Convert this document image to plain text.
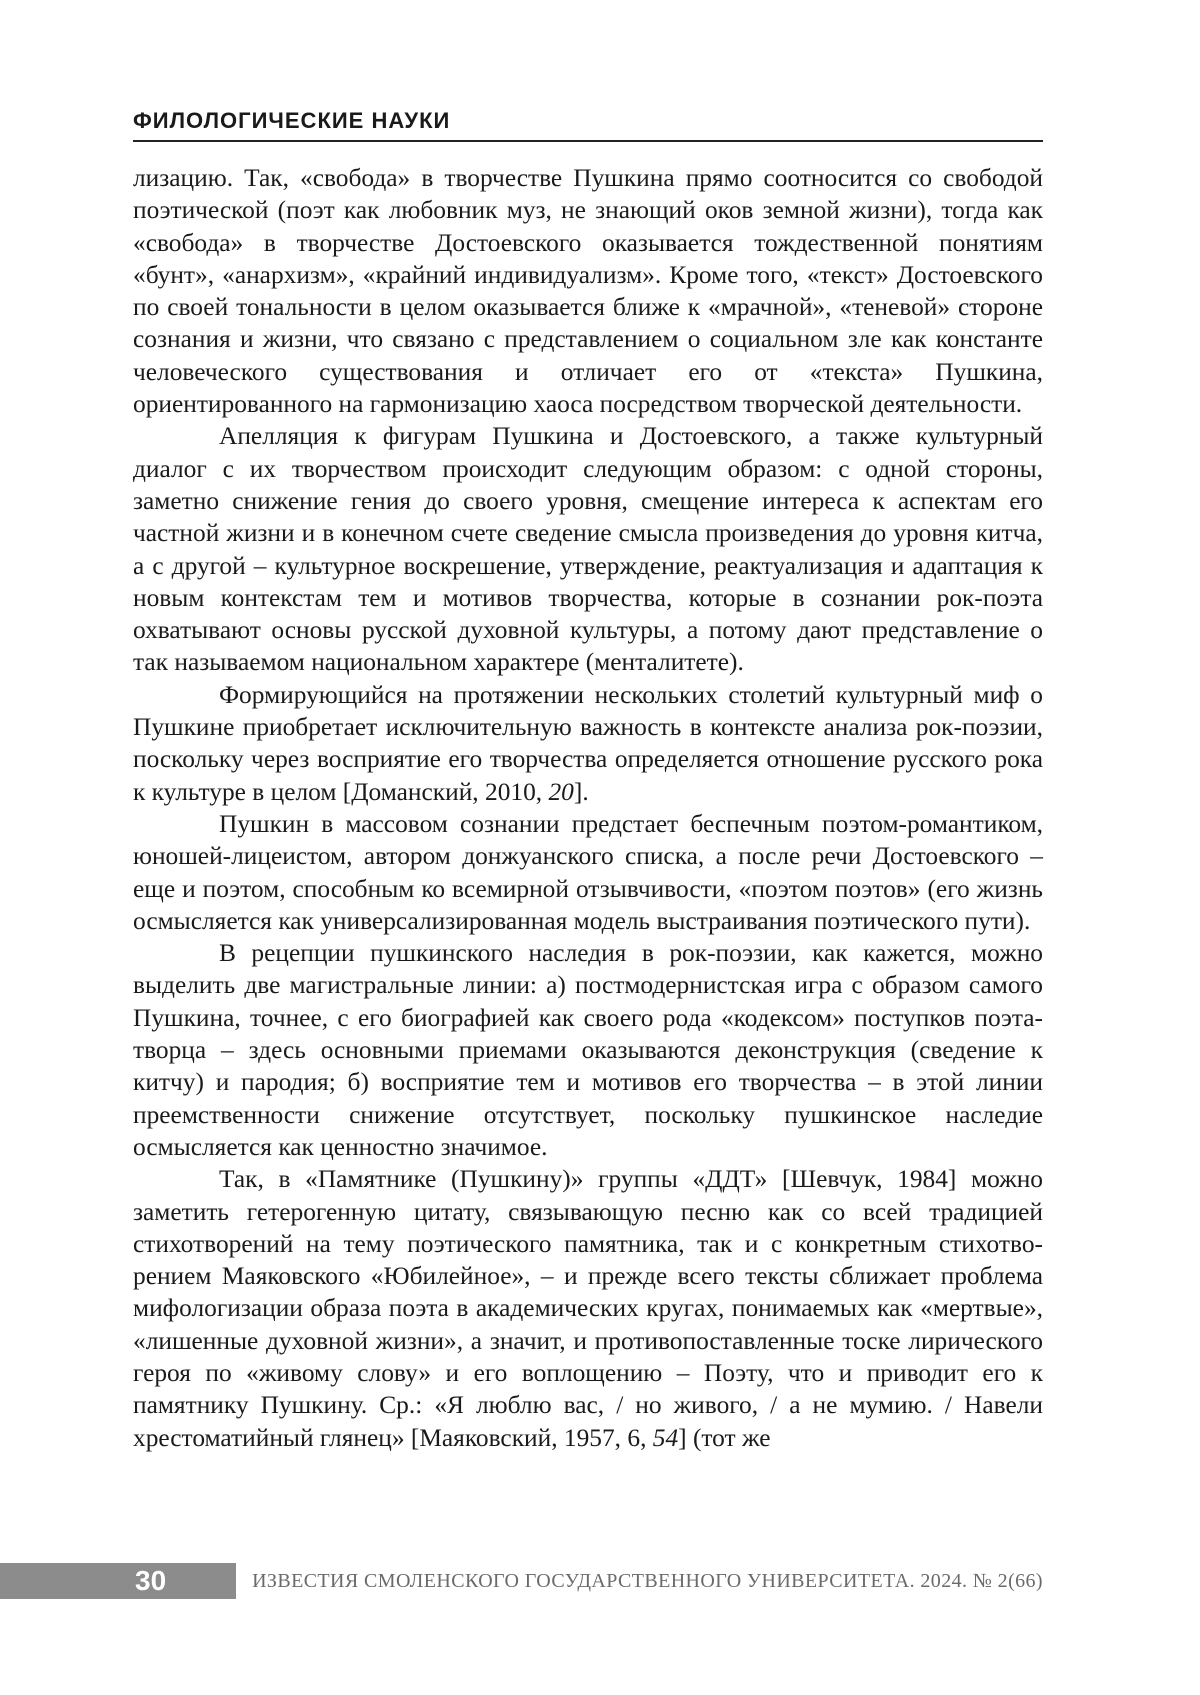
ФИЛОЛОГИЧЕСКИЕ НАУКИ

лизацию. Так, «свобода» в творчестве Пушкина прямо соотносится со свободой поэтической (поэт как любовник муз, не знающий оков земной жизни), тогда как «свобода» в творчестве Достоевского оказывается тождественной понятиям «бунт», «анархизм», «крайний индивидуализм». Кроме того, «текст» Достоевского по своей тональности в целом оказывается ближе к «мрачной», «теневой» стороне сознания и жизни, что связано с представлением о социальном зле как константе человеческого существования и отличает его от «текста» Пушкина, ориентированного на гармонизацию хаоса посредством творческой деятельности.

Апелляция к фигурам Пушкина и Достоевского, а также культурный диалог с их творчеством происходит следующим образом: с одной стороны, заметно снижение гения до своего уровня, смещение интереса к аспектам его частной жизни и в конечном счете сведение смысла произведения до уровня китча, а с другой – культурное воскрешение, утверждение, реактуализация и адаптация к новым контекстам тем и мотивов творчества, которые в сознании рок-поэта охватывают основы русской духовной культуры, а потому дают представление о так называемом национальном характере (менталитете).

Формирующийся на протяжении нескольких столетий культурный миф о Пушкине приобретает исключительную важность в контексте анализа рок-поэзии, поскольку через восприятие его творчества определяется отношение русского рока к культуре в целом [Доманский, 2010, 20].

Пушкин в массовом сознании предстает беспечным поэтом-романтиком, юношей-лицеистом, автором донжуанского списка, а после речи Достоевского – еще и поэтом, способным ко всемирной отзывчивости, «поэтом поэтов» (его жизнь осмысляется как универсализированная модель выстраивания поэтического пути).

В рецепции пушкинского наследия в рок-поэзии, как кажется, можно выделить две магистральные линии: а) постмодернистская игра с образом самого Пушкина, точнее, с его биографией как своего рода «кодексом» поступков поэта-творца – здесь основными приемами оказываются деконструкция (сведение к китчу) и пародия; б) восприятие тем и мотивов его творчества – в этой линии преемственности снижение отсутствует, поскольку пушкинское наследие осмысляется как ценностно значимое.

Так, в «Памятнике (Пушкину)» группы «ДДТ» [Шевчук, 1984] можно заметить гетерогенную цитату, связывающую песню как со всей традицией стихотворений на тему поэтического памятника, так и с конкретным стихотворением Маяковского «Юбилейное», – и прежде всего тексты сближает проблема мифологизации образа поэта в академических кругах, понимаемых как «мертвые», «лишенные духовной жизни», а значит, и противопоставленные тоске лирического героя по «живому слову» и его воплощению – Поэту, что и приводит его к памятнику Пушкину. Ср.: «Я люблю вас, / но живого, / а не мумию. / Навели хрестоматийный глянец» [Маяковский, 1957, 6, 54] (тот же

30	ИЗВЕСТИЯ СМОЛЕНСКОГО ГОСУДАРСТВЕННОГО УНИВЕРСИТЕТА. 2024. № 2(66)
